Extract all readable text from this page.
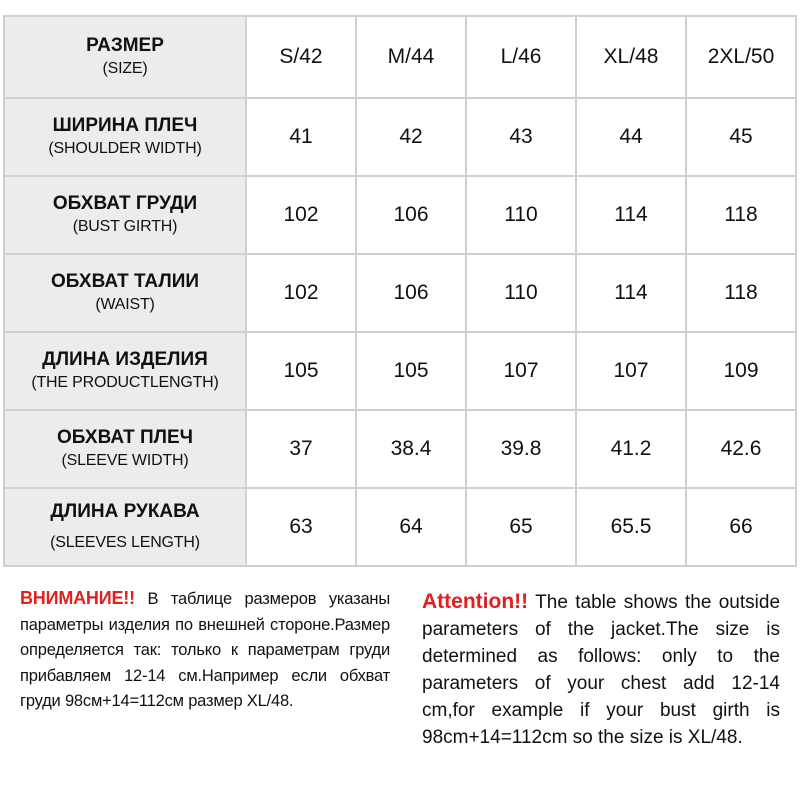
РАЗМЕР
(SIZE)	S/42	M/44	L/46	XL/48	2XL/50

ШИРИНА ПЛЕЧ
(SHOULDER WIDTH)	41	42	43	44	45

ОБХВАТ ГРУДИ
(BUST GIRTH)	102	106	110	114	118

ОБХВАТ ТАЛИИ
(WAIST)	102	106	110	114	118

ДЛИНА ИЗДЕЛИЯ
(THE PRODUCTLENGTH)	105	105	107	107	109

ОБХВАТ ПЛЕЧ
(SLEEVE WIDTH)	37	38.4	39.8	41.2	42.6

ДЛИНА РУКАВА
(SLEEVES LENGTH)	63	64	65	65.5	66
ВНИМАНИЕ!! В таблице размеров указаны параметры изделия по внешней стороне.Размер определяется так: только к параметрам груди прибавляем 12-14 см.Например если обхват груди 98см+14=112см размер XL/48.
Attention!! The table shows the outside parameters of the jacket.The size is determined as follows: only to the parameters of your chest add 12-14 cm,for example if your bust girth is 98cm+14=112cm so the size is XL/48.
